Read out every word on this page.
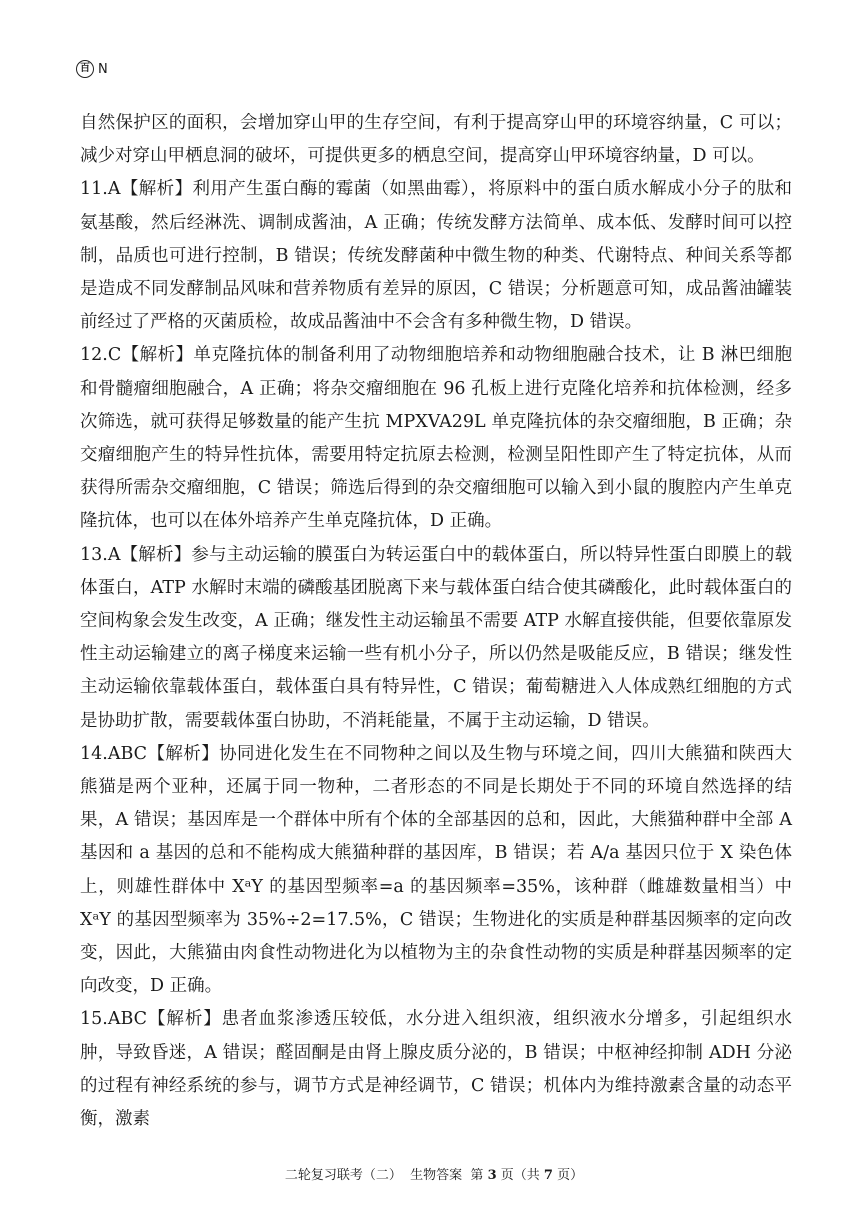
百 N

自然保护区的面积，会增加穿山甲的生存空间，有利于提高穿山甲的环境容纳量，C 可以；减少对穿山甲栖息洞的破坏，可提供更多的栖息空间，提高穿山甲环境容纳量，D 可以。

11.A【解析】利用产生蛋白酶的霉菌（如黑曲霉），将原料中的蛋白质水解成小分子的肽和氨基酸，然后经淋洗、调制成酱油，A 正确；传统发酵方法简单、成本低、发酵时间可以控制，品质也可进行控制，B 错误；传统发酵菌种中微生物的种类、代谢特点、种间关系等都是造成不同发酵制品风味和营养物质有差异的原因，C 错误；分析题意可知，成品酱油罐装前经过了严格的灭菌质检，故成品酱油中不会含有多种微生物，D 错误。

12.C【解析】单克隆抗体的制备利用了动物细胞培养和动物细胞融合技术，让 B 淋巴细胞和骨髓瘤细胞融合，A 正确；将杂交瘤细胞在 96 孔板上进行克隆化培养和抗体检测，经多次筛选，就可获得足够数量的能产生抗 MPXVA29L 单克隆抗体的杂交瘤细胞，B 正确；杂交瘤细胞产生的特异性抗体，需要用特定抗原去检测，检测呈阳性即产生了特定抗体，从而获得所需杂交瘤细胞，C 错误；筛选后得到的杂交瘤细胞可以输入到小鼠的腹腔内产生单克隆抗体，也可以在体外培养产生单克隆抗体，D 正确。

13.A【解析】参与主动运输的膜蛋白为转运蛋白中的载体蛋白，所以特异性蛋白即膜上的载体蛋白，ATP 水解时末端的磷酸基团脱离下来与载体蛋白结合使其磷酸化，此时载体蛋白的空间构象会发生改变，A 正确；继发性主动运输虽不需要 ATP 水解直接供能，但要依靠原发性主动运输建立的离子梯度来运输一些有机小分子，所以仍然是吸能反应，B 错误；继发性主动运输依靠载体蛋白，载体蛋白具有特异性，C 错误；葡萄糖进入人体成熟红细胞的方式是协助扩散，需要载体蛋白协助，不消耗能量，不属于主动运输，D 错误。

14.ABC【解析】协同进化发生在不同物种之间以及生物与环境之间，四川大熊猫和陕西大熊猫是两个亚种，还属于同一物种，二者形态的不同是长期处于不同的环境自然选择的结果，A 错误；基因库是一个群体中所有个体的全部基因的总和，因此，大熊猫种群中全部 A 基因和 a 基因的总和不能构成大熊猫种群的基因库，B 错误；若 A/a 基因只位于 X 染色体上，则雄性群体中 XᵃY 的基因型频率=a 的基因频率=35%，该种群（雌雄数量相当）中 XᵃY 的基因型频率为 35%÷2=17.5%，C 错误；生物进化的实质是种群基因频率的定向改变，因此，大熊猫由肉食性动物进化为以植物为主的杂食性动物的实质是种群基因频率的定向改变，D 正确。

15.ABC【解析】患者血浆渗透压较低，水分进入组织液，组织液水分增多，引起组织水肿，导致昏迷，A 错误；醛固酮是由肾上腺皮质分泌的，B 错误；中枢神经抑制 ADH 分泌的过程有神经系统的参与，调节方式是神经调节，C 错误；机体内为维持激素含量的动态平衡，激素

二轮复习联考（二） 生物答案 第 3 页（共 7 页）
